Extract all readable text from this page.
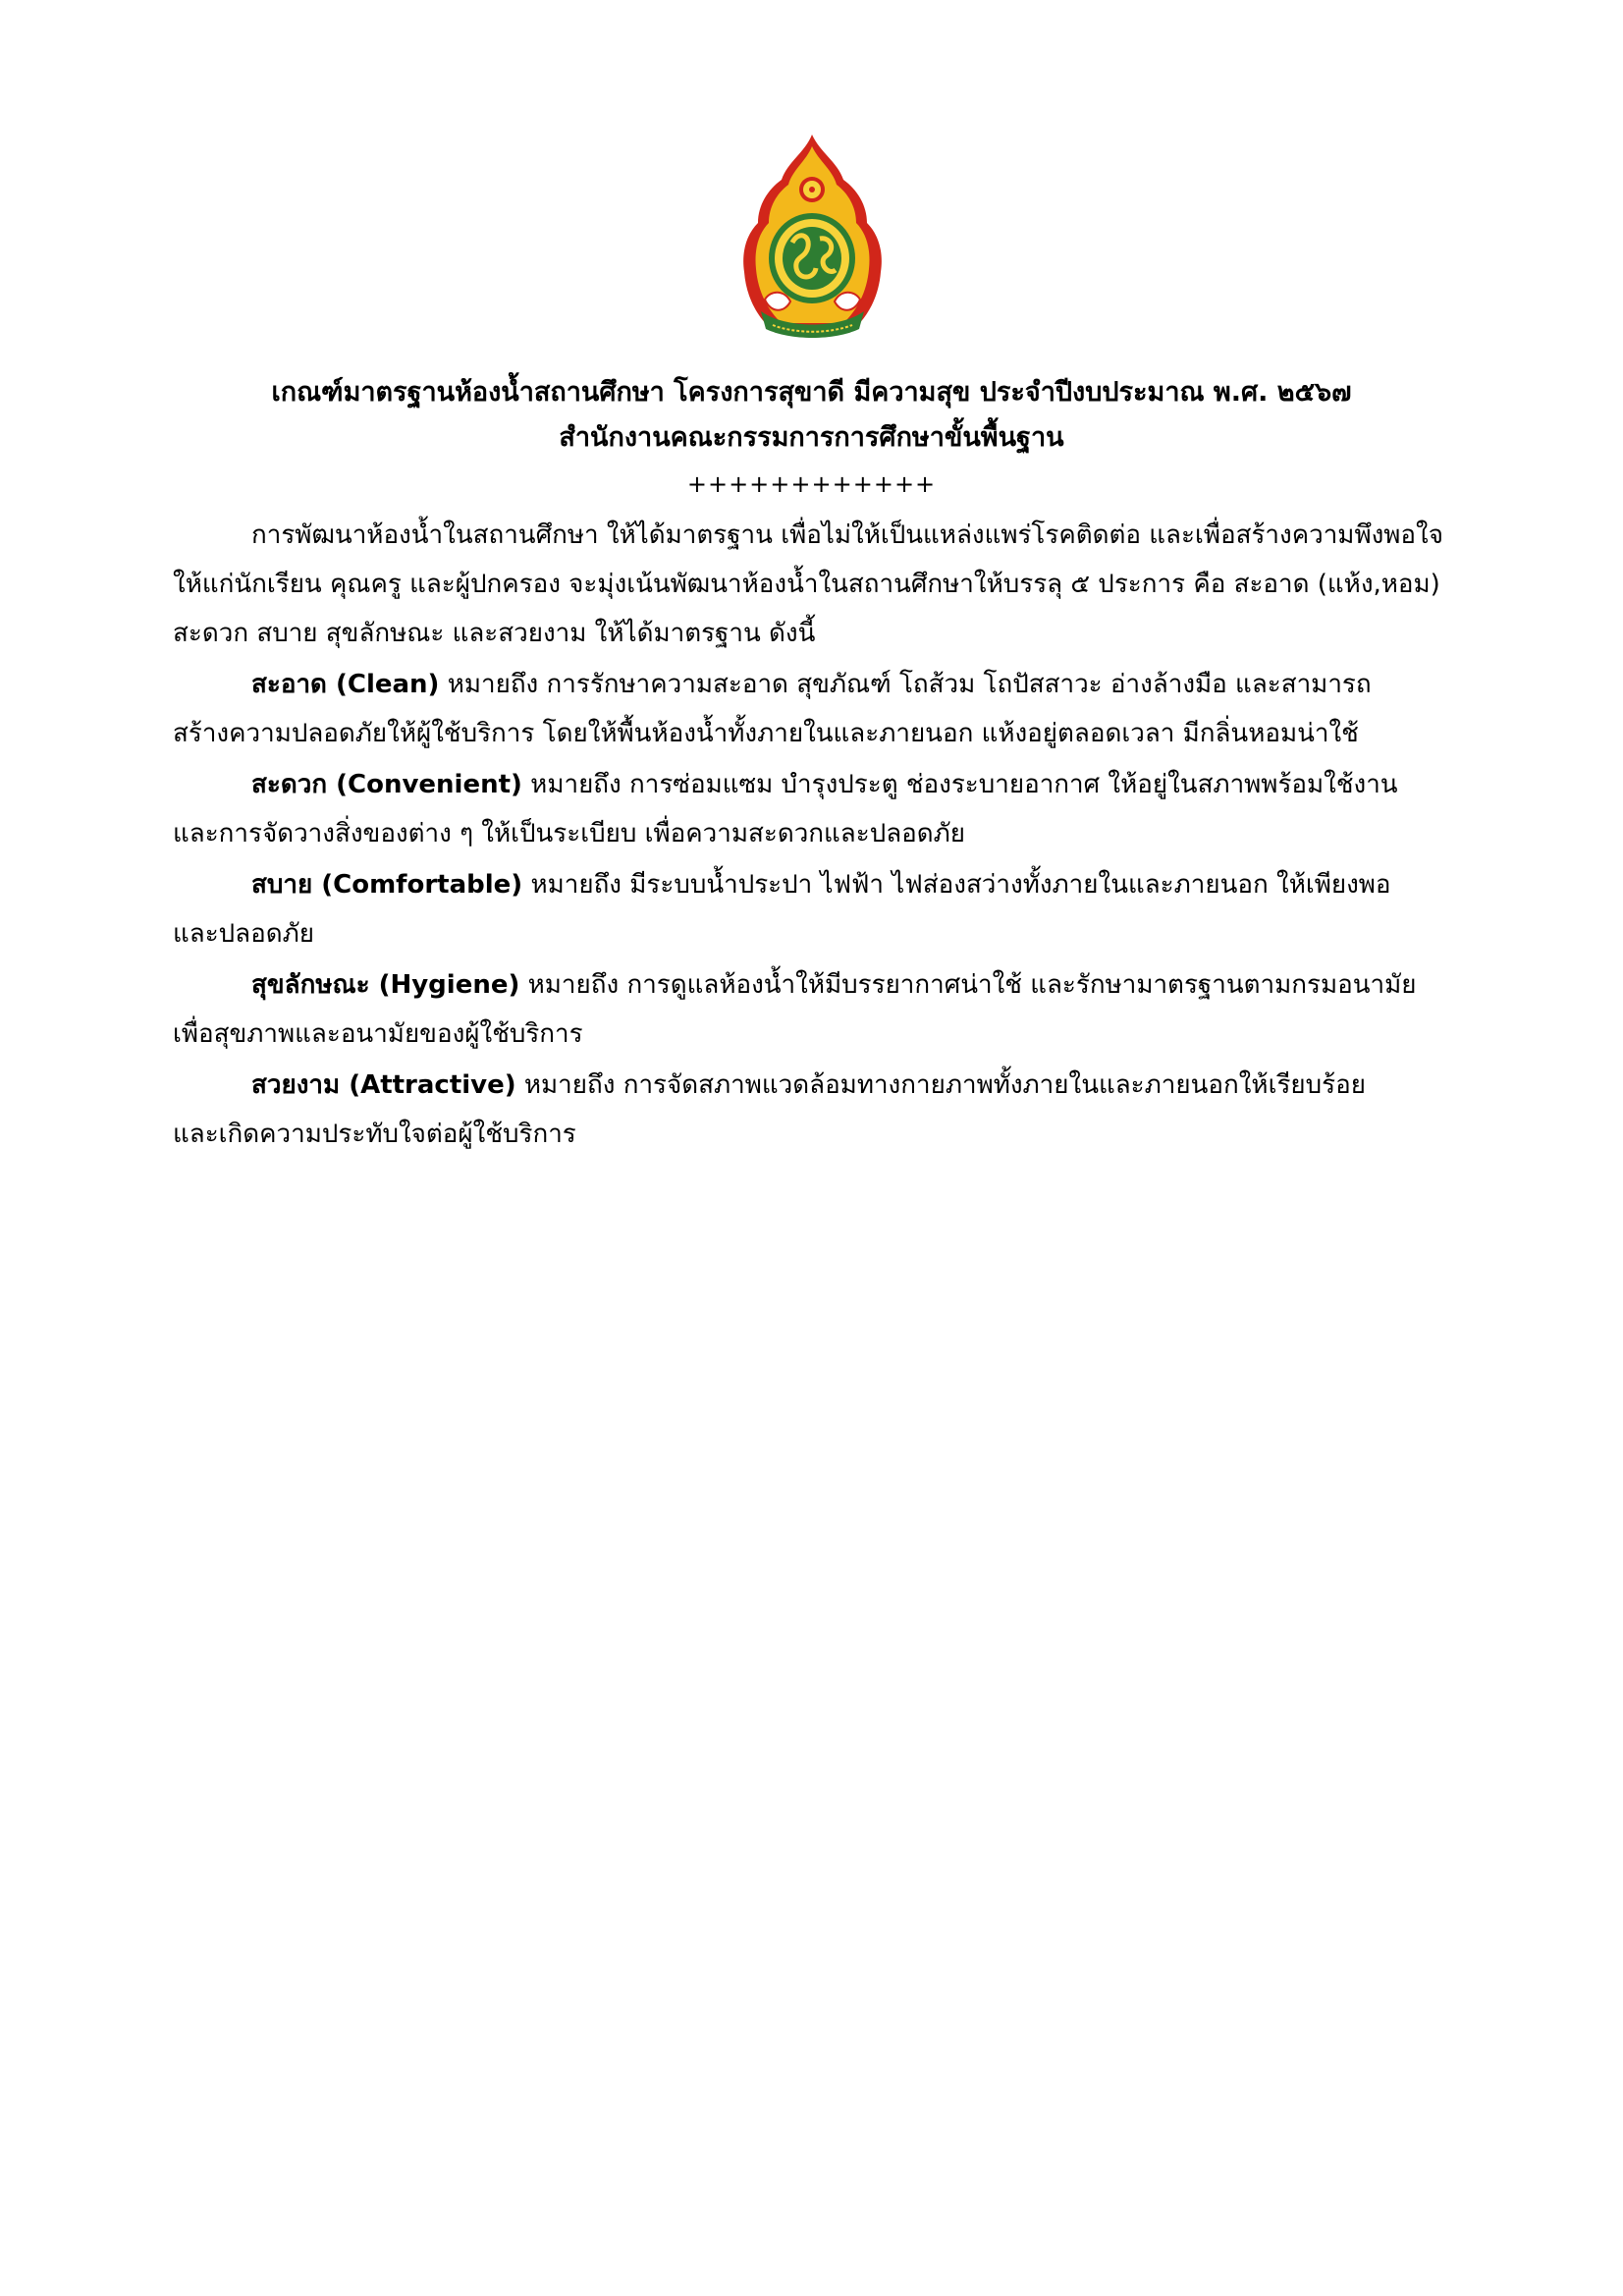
เกณฑ์มาตรฐานห้องน้ำสถานศึกษา โครงการสุขาดี มีความสุข ประจำปีงบประมาณ พ.ศ. ๒๕๖๗
สำนักงานคณะกรรมการการศึกษาขั้นพื้นฐาน
++++++++++++
การพัฒนาห้องน้ำในสถานศึกษา ให้ได้มาตรฐาน เพื่อไม่ให้เป็นแหล่งแพร่โรคติดต่อ และเพื่อสร้างความพึงพอใจ
ให้แก่นักเรียน คุณครู และผู้ปกครอง จะมุ่งเน้นพัฒนาห้องน้ำในสถานศึกษาให้บรรลุ ๕ ประการ คือ สะอาด (แห้ง,หอม)
สะดวก สบาย สุขลักษณะ และสวยงาม ให้ได้มาตรฐาน ดังนี้
สะอาด (Clean) หมายถึง การรักษาความสะอาด สุขภัณฑ์ โถส้วม โถปัสสาวะ อ่างล้างมือ และสามารถ
สร้างความปลอดภัยให้ผู้ใช้บริการ โดยให้พื้นห้องน้ำทั้งภายในและภายนอก แห้งอยู่ตลอดเวลา มีกลิ่นหอมน่าใช้
สะดวก (Convenient) หมายถึง การซ่อมแซม บำรุงประตู ช่องระบายอากาศ ให้อยู่ในสภาพพร้อมใช้งาน
และการจัดวางสิ่งของต่าง ๆ ให้เป็นระเบียบ เพื่อความสะดวกและปลอดภัย
สบาย (Comfortable) หมายถึง มีระบบน้ำประปา ไฟฟ้า ไฟส่องสว่างทั้งภายในและภายนอก ให้เพียงพอ
และปลอดภัย
สุขลักษณะ (Hygiene) หมายถึง การดูแลห้องน้ำให้มีบรรยากาศน่าใช้ และรักษามาตรฐานตามกรมอนามัย
เพื่อสุขภาพและอนามัยของผู้ใช้บริการ
สวยงาม (Attractive) หมายถึง การจัดสภาพแวดล้อมทางกายภาพทั้งภายในและภายนอกให้เรียบร้อย
และเกิดความประทับใจต่อผู้ใช้บริการ
